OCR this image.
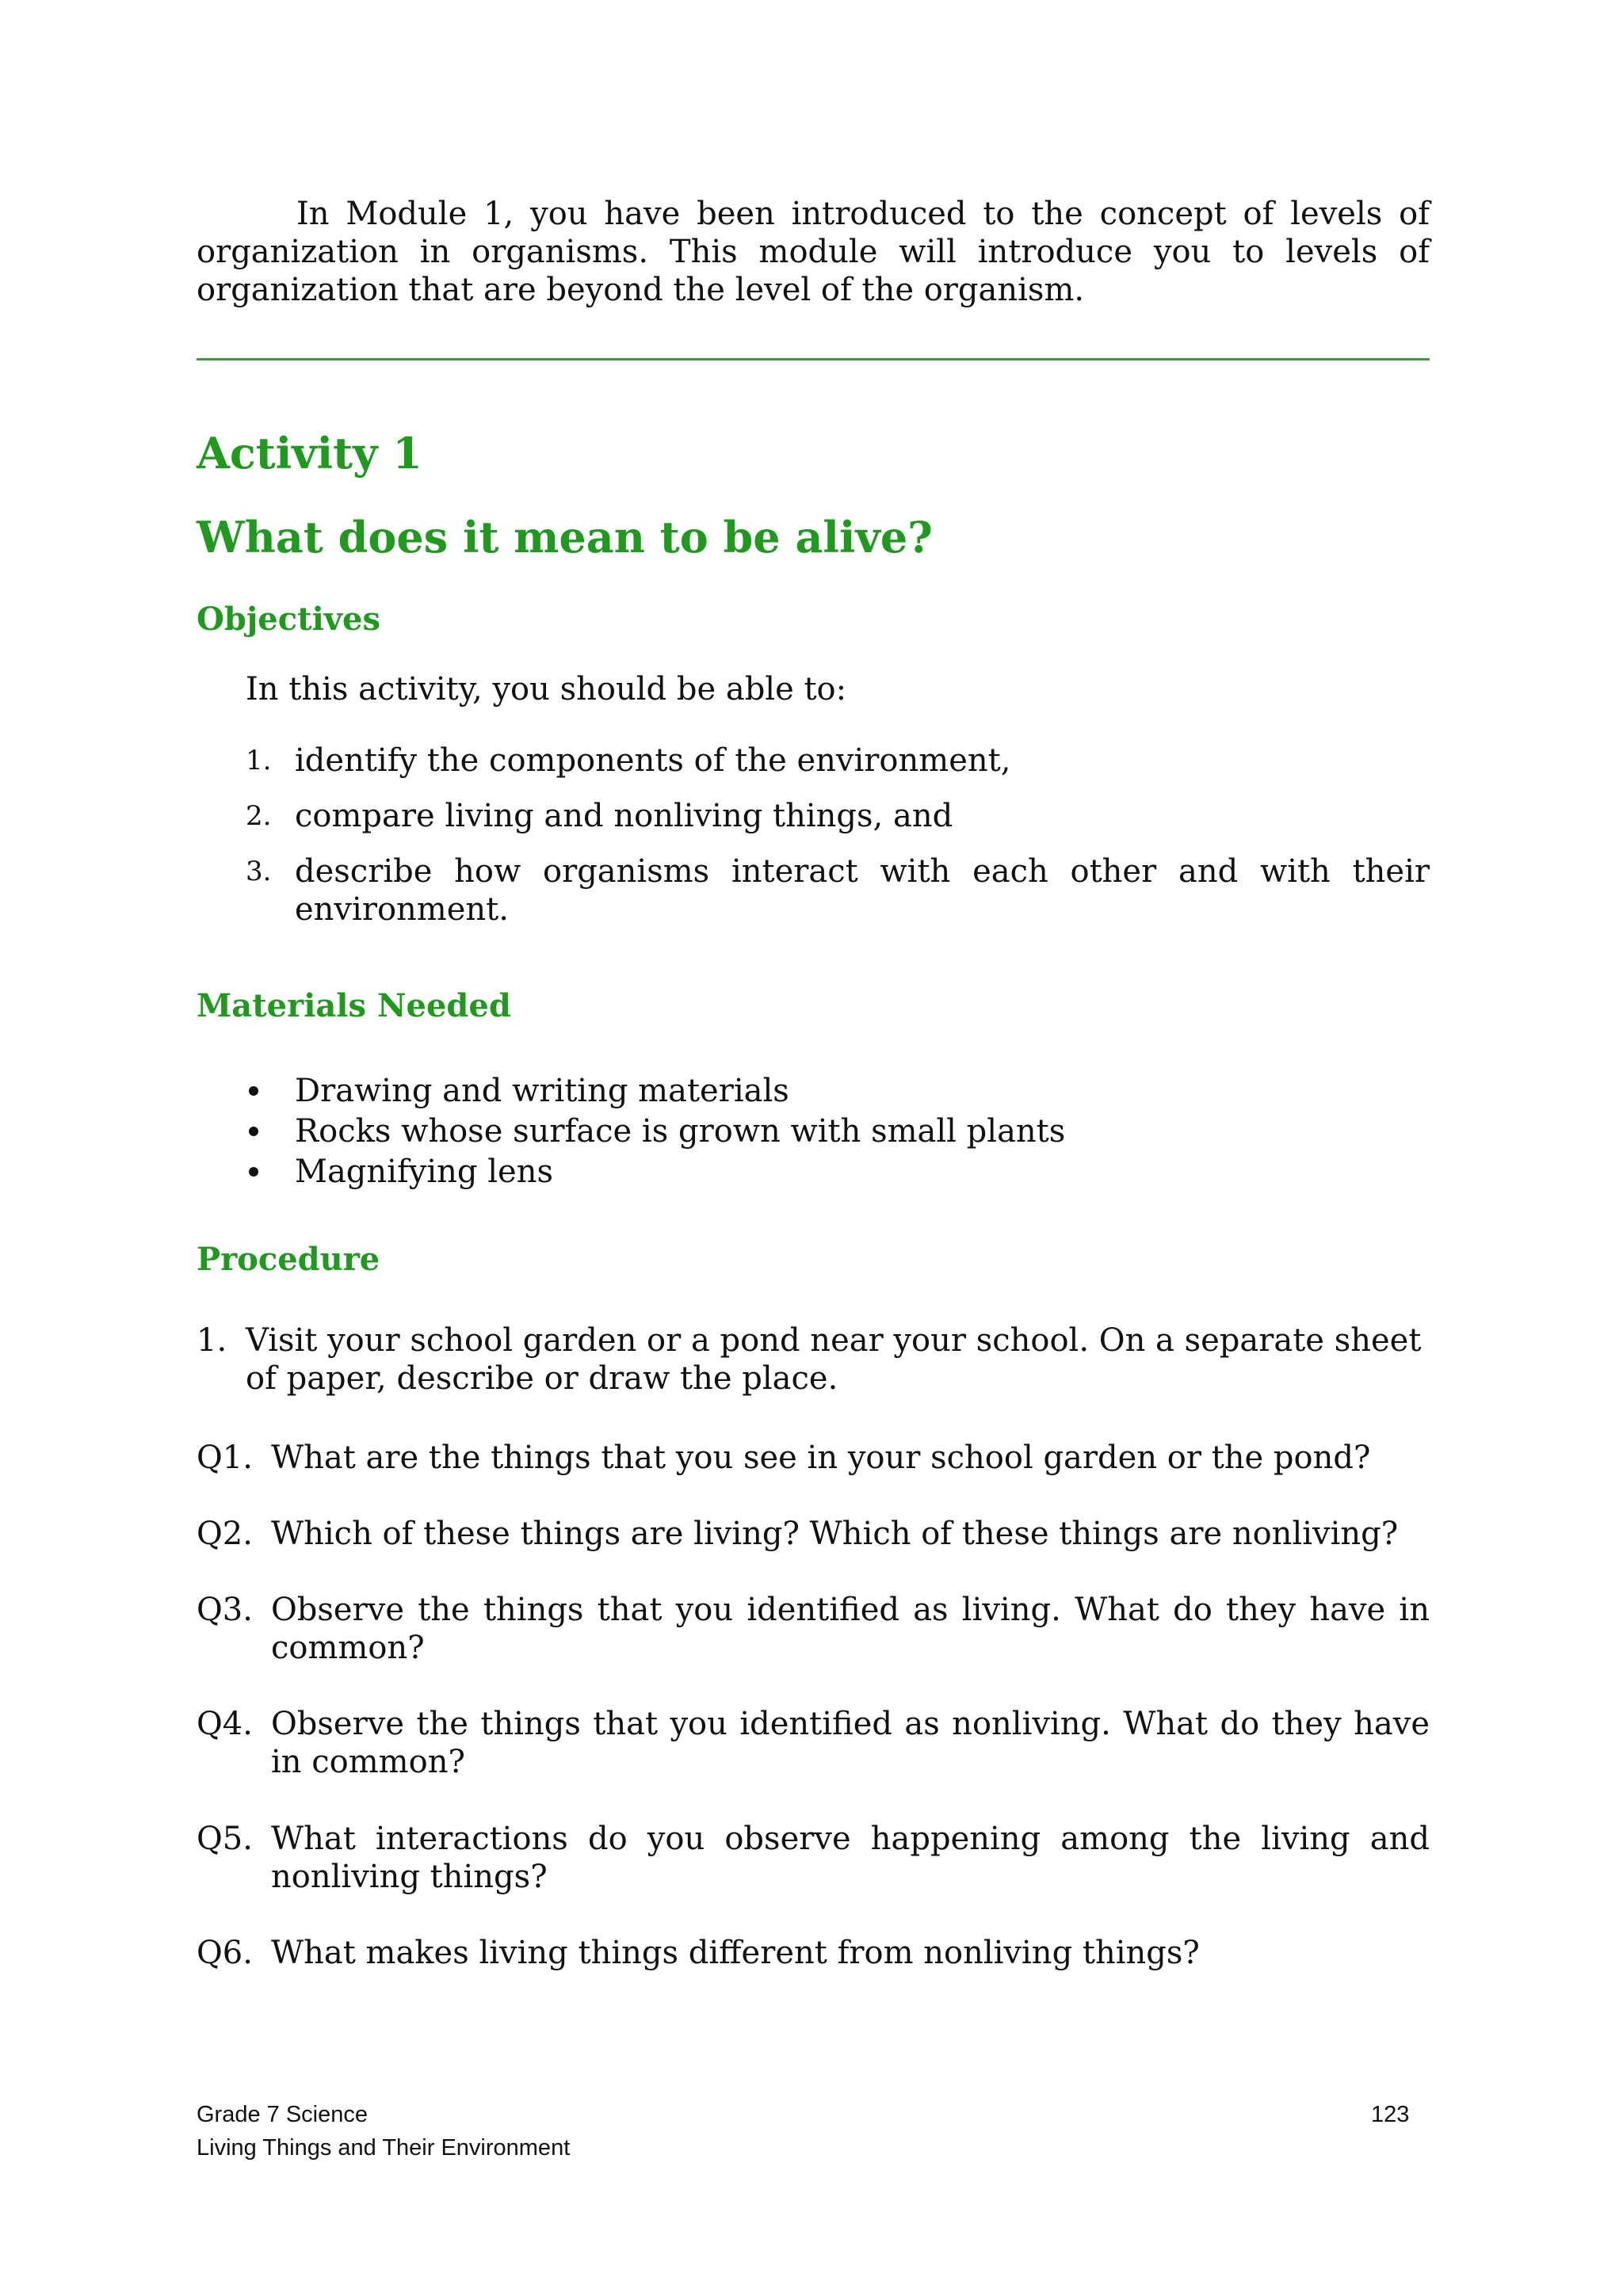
In Module 1, you have been introduced to the concept of levels of organization in organisms. This module will introduce you to levels of organization that are beyond the level of the organism.

Activity 1
What does it mean to be alive?
Objectives

In this activity, you should be able to:

1. identify the components of the environment,
2. compare living and nonliving things, and
3. describe how organisms interact with each other and with their environment.
Materials Needed
Drawing and writing materials
Rocks whose surface is grown with small plants
Magnifying lens
Procedure
1. Visit your school garden or a pond near your school. On a separate sheet of paper, describe or draw the place.
Q1. What are the things that you see in your school garden or the pond?
Q2. Which of these things are living? Which of these things are nonliving?
Q3. Observe the things that you identified as living. What do they have in common?
Q4. Observe the things that you identified as nonliving. What do they have in common?
Q5. What interactions do you observe happening among the living and nonliving things?
Q6. What makes living things different from nonliving things?
Grade 7 Science
Living Things and Their Environment
123
